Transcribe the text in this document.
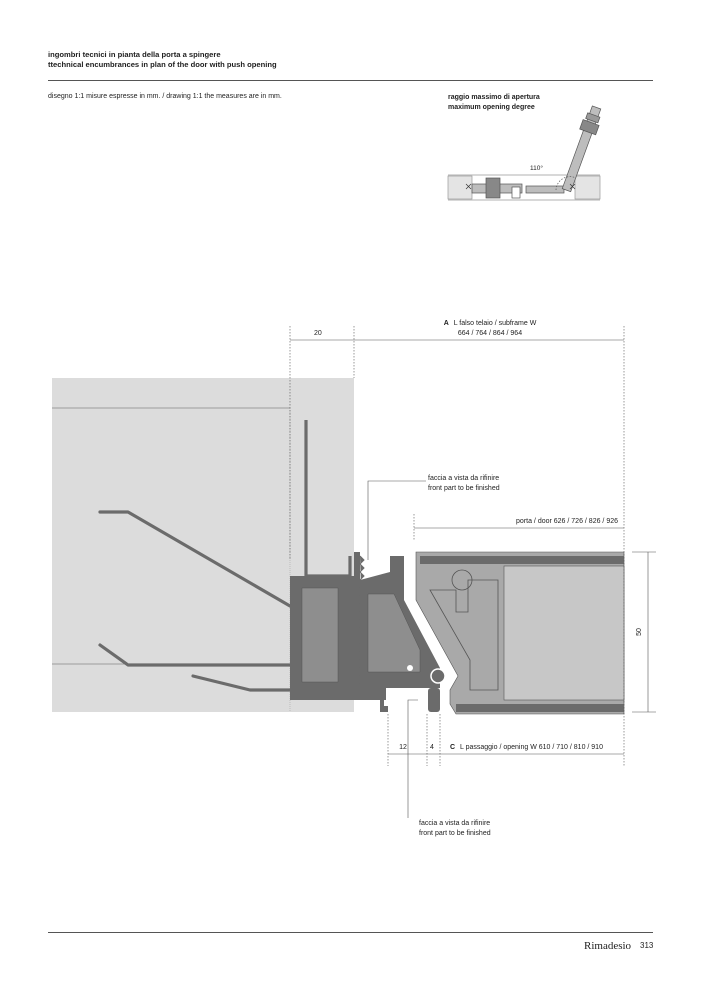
ingombri tecnici in pianta della porta a spingere
ttechnical encumbrances in plan of the door with push opening
disegno 1:1 misure espresse in mm. / drawing 1:1 the measures are in mm.	raggio massimo di apertura
maximum opening degree
110°
20
A L falso telaio / subframe W
664 / 764 / 864 / 964
porta / door 626 / 726 / 826 / 926
50
12	4 C L passaggio / opening W 610 / 710 / 810 / 910
faccia a vista da rifinire front part to be finished
faccia a vista da rifinire front part to be finished
Rimadesio 313
